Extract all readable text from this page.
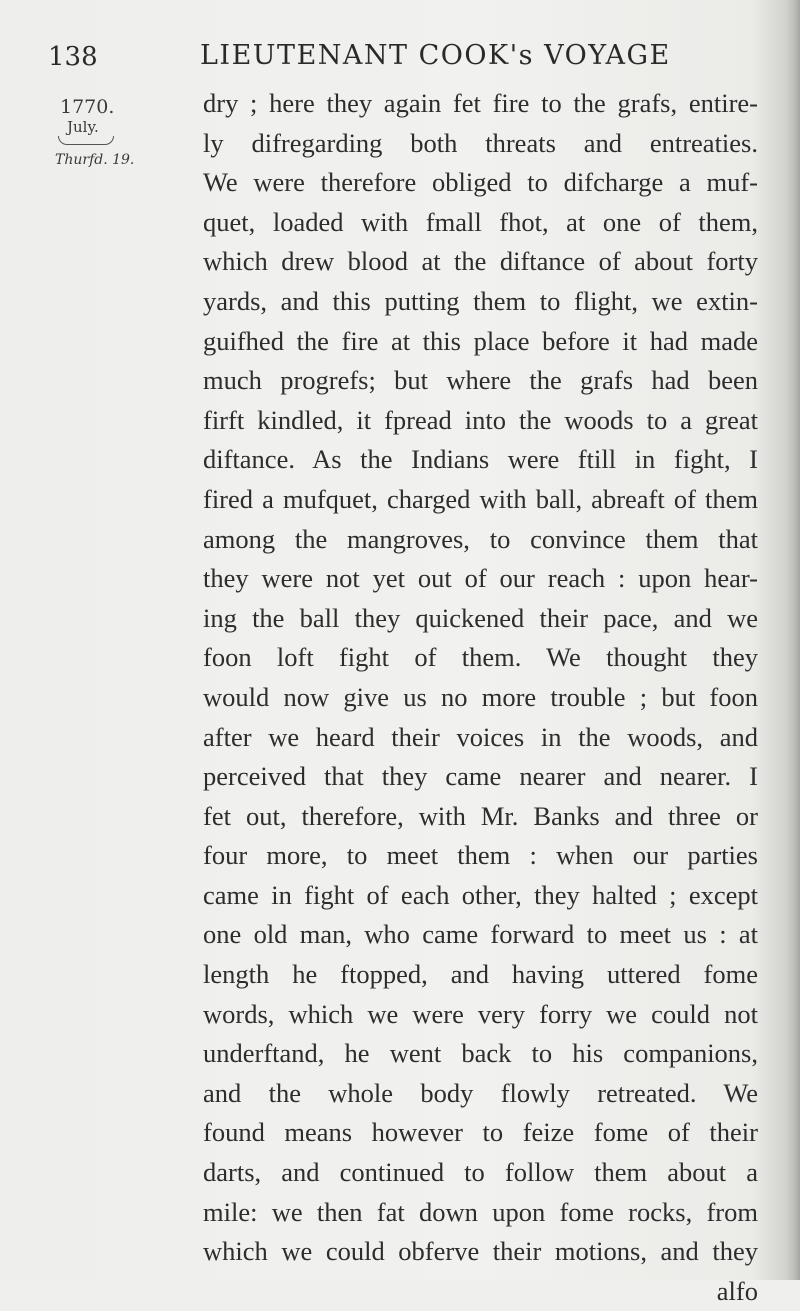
138	LIEUTENANT COOK's VOYAGE
1770.
July.
Thurfd. 19.
dry ; here they again fet fire to the grafs, entire-
ly difregarding both threats and entreaties.
We were therefore obliged to difcharge a muf-
quet, loaded with fmall fhot, at one of them,
which drew blood at the diftance of about forty
yards, and this putting them to flight, we extin-
guifhed the fire at this place before it had made
much progrefs; but where the grafs had been
firft kindled, it fpread into the woods to a great
diftance. As the Indians were ftill in fight, I
fired a mufquet, charged with ball, abreaft of them
among the mangroves, to convince them that
they were not yet out of our reach : upon hear-
ing the ball they quickened their pace, and we
foon loft fight of them. We thought they
would now give us no more trouble ; but foon
after we heard their voices in the woods, and
perceived that they came nearer and nearer. I
fet out, therefore, with Mr. Banks and three or
four more, to meet them : when our parties
came in fight of each other, they halted ; except
one old man, who came forward to meet us : at
length he ftopped, and having uttered fome
words, which we were very forry we could not
underftand, he went back to his companions,
and the whole body flowly retreated. We
found means however to feize fome of their
darts, and continued to follow them about a
mile: we then fat down upon fome rocks, from
which we could obferve their motions, and they
alfo
